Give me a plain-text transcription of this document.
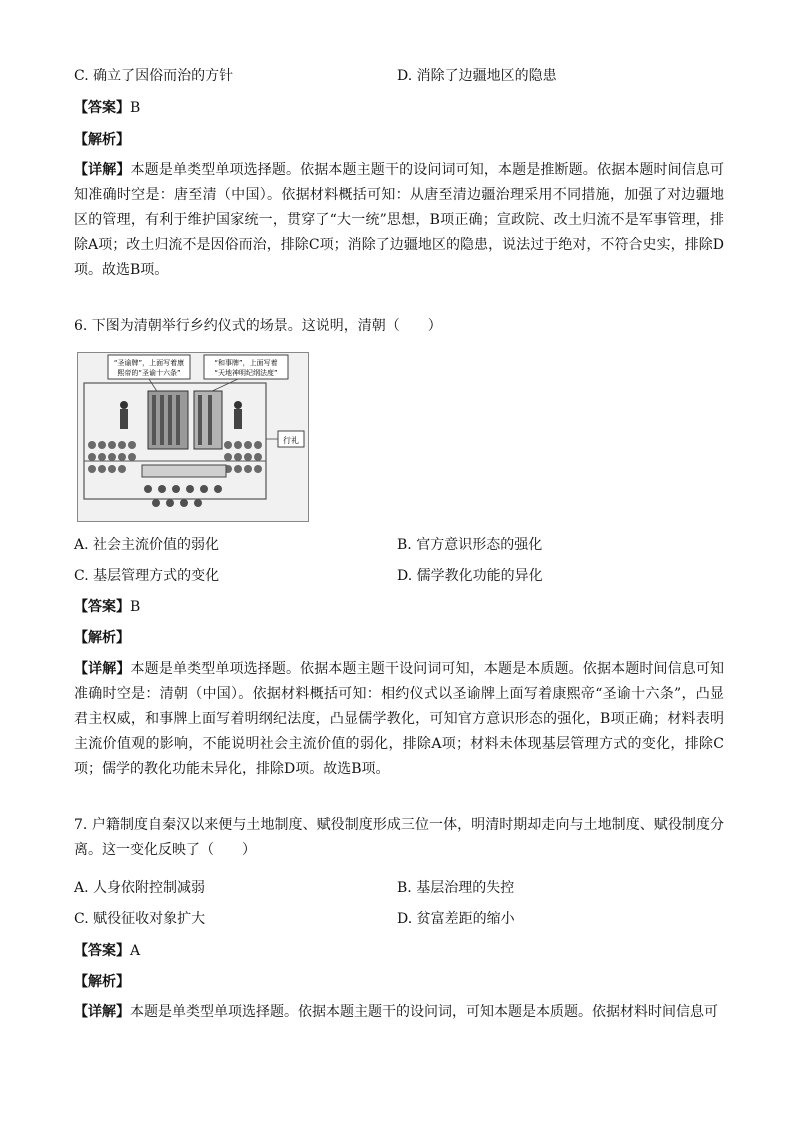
C. 确立了因俗而治的方针	D. 消除了边疆地区的隐患
【答案】B
【解析】
【详解】本题是单类型单项选择题。依据本题主题干的设问词可知，本题是推断题。依据本题时间信息可知准确时空是：唐至清（中国）。依据材料概括可知：从唐至清边疆治理采用不同措施，加强了对边疆地区的管理，有利于维护国家统一，贯穿了“大一统”思想，B项正确；宣政院、改土归流不是军事管理，排除A项；改土归流不是因俗而治，排除C项；消除了边疆地区的隐患，说法过于绝对，不符合史实，排除D项。故选B项。
6. 下图为清朝举行乡约仪式的场景。这说明，清朝（　　）
“圣谕牌”，上面写着康
熙帝的“圣谕十六条”
“和事牌”，上面写着
“天地神明纪纲法度”
行礼
A. 社会主流价值的弱化	B. 官方意识形态的强化
C. 基层管理方式的变化	D. 儒学教化功能的异化
【答案】B
【解析】
【详解】本题是单类型单项选择题。依据本题主题干设问词可知，本题是本质题。依据本题时间信息可知准确时空是：清朝（中国）。依据材料概括可知：相约仪式以圣谕牌上面写着康熙帝“圣谕十六条”，凸显君主权威，和事牌上面写着明纲纪法度，凸显儒学教化，可知官方意识形态的强化，B项正确；材料表明主流价值观的影响，不能说明社会主流价值的弱化，排除A项；材料未体现基层管理方式的变化，排除C项；儒学的教化功能未异化，排除D项。故选B项。
7. 户籍制度自秦汉以来便与土地制度、赋役制度形成三位一体，明清时期却走向与土地制度、赋役制度分离。这一变化反映了（　　）
A. 人身依附控制减弱	B. 基层治理的失控
C. 赋役征收对象扩大	D. 贫富差距的缩小
【答案】A
【解析】
【详解】本题是单类型单项选择题。依据本题主题干的设问词，可知本题是本质题。依据材料时间信息可
